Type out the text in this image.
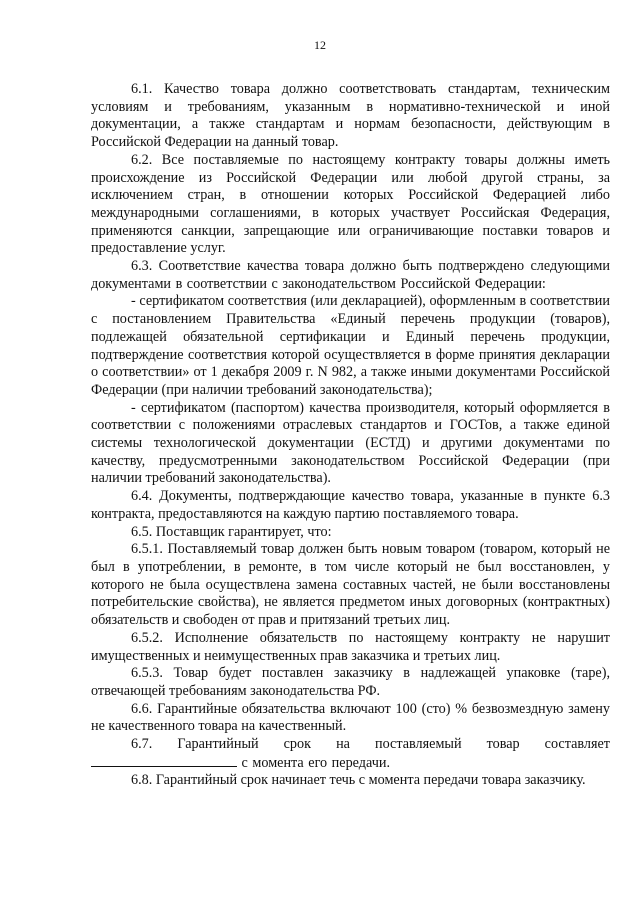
12

6.1. Качество товара должно соответствовать стандартам, техническим условиям и требованиям, указанным в нормативно-технической и иной документации, а также стандартам и нормам безопасности, действующим в Российской Федерации на данный товар.

6.2. Все поставляемые по настоящему контракту товары должны иметь происхождение из Российской Федерации или любой другой страны, за исключением стран, в отношении которых Российской Федерацией либо международными соглашениями, в которых участвует Российская Федерация, применяются санкции, запрещающие или ограничивающие поставки товаров и предоставление услуг.

6.3. Соответствие качества товара должно быть подтверждено следующими документами в соответствии с законодательством Российской Федерации:

- сертификатом соответствия (или декларацией), оформленным в соответствии с постановлением Правительства «Единый перечень продукции (товаров), подлежащей обязательной сертификации и Единый перечень продукции, подтверждение соответствия которой осуществляется в форме принятия декларации о соответствии» от 1 декабря 2009 г. N 982, а также иными документами Российской Федерации (при наличии требований законодательства);

- сертификатом (паспортом) качества производителя, который оформляется в соответствии с положениями отраслевых стандартов и ГОСТов, а также единой системы технологической документации (ЕСТД) и другими документами по качеству, предусмотренными законодательством Российской Федерации (при наличии требований законодательства).

6.4. Документы, подтверждающие качество товара, указанные в пункте 6.3 контракта, предоставляются на каждую партию поставляемого товара.

6.5. Поставщик гарантирует, что:

6.5.1. Поставляемый товар должен быть новым товаром (товаром, который не был в употреблении, в ремонте, в том числе который не был восстановлен, у которого не была осуществлена замена составных частей, не были восстановлены потребительские свойства), не является предметом иных договорных (контрактных) обязательств и свободен от прав и притязаний третьих лиц.

6.5.2. Исполнение обязательств по настоящему контракту не нарушит имущественных и неимущественных прав заказчика и третьих лиц.

6.5.3. Товар будет поставлен заказчику в надлежащей упаковке (таре), отвечающей требованиям законодательства РФ.

6.6. Гарантийные обязательства включают 100 (сто) % безвозмездную замену не качественного товара на качественный.

6.7. Гарантийный срок на поставляемый товар составляет  с момента его передачи.

6.8. Гарантийный срок начинает течь с момента передачи товара заказчику.
